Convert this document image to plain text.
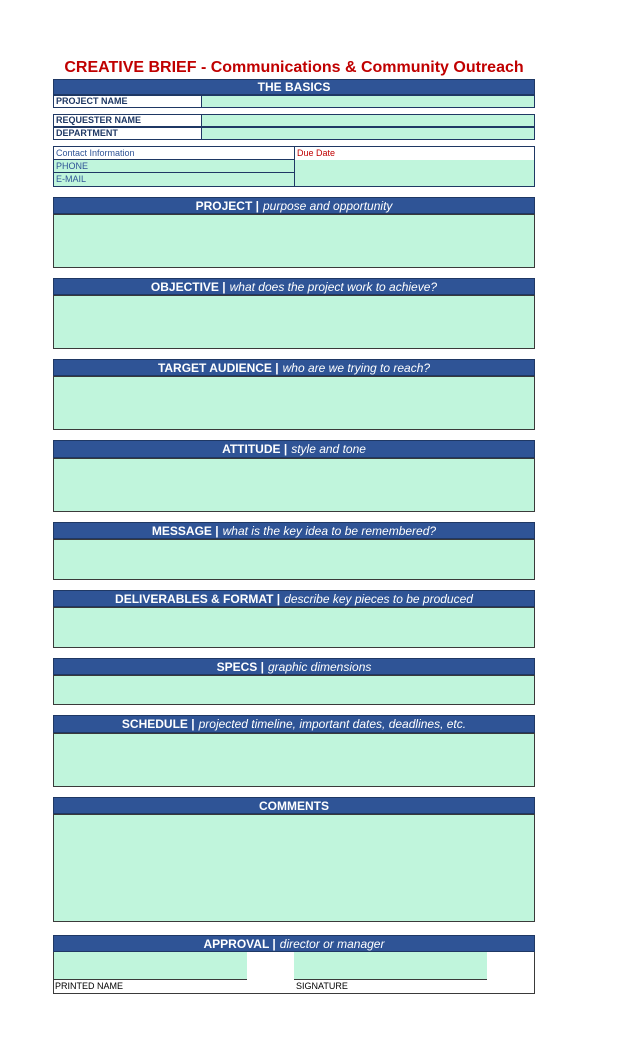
CREATIVE BRIEF - Communications & Community Outreach
THE BASICS
PROJECT NAME
REQUESTER NAME
DEPARTMENT
Contact Information
PHONE
E-MAIL
Due Date
PROJECT | purpose and opportunity
OBJECTIVE | what does the project work to achieve?
TARGET AUDIENCE | who are we trying to reach?
ATTITUDE | style and tone
MESSAGE | what is the key idea to be remembered?
DELIVERABLES & FORMAT | describe key pieces to be produced
SPECS | graphic dimensions
SCHEDULE | projected timeline, important dates, deadlines, etc.
COMMENTS
APPROVAL | director or manager
PRINTED NAME	SIGNATURE
